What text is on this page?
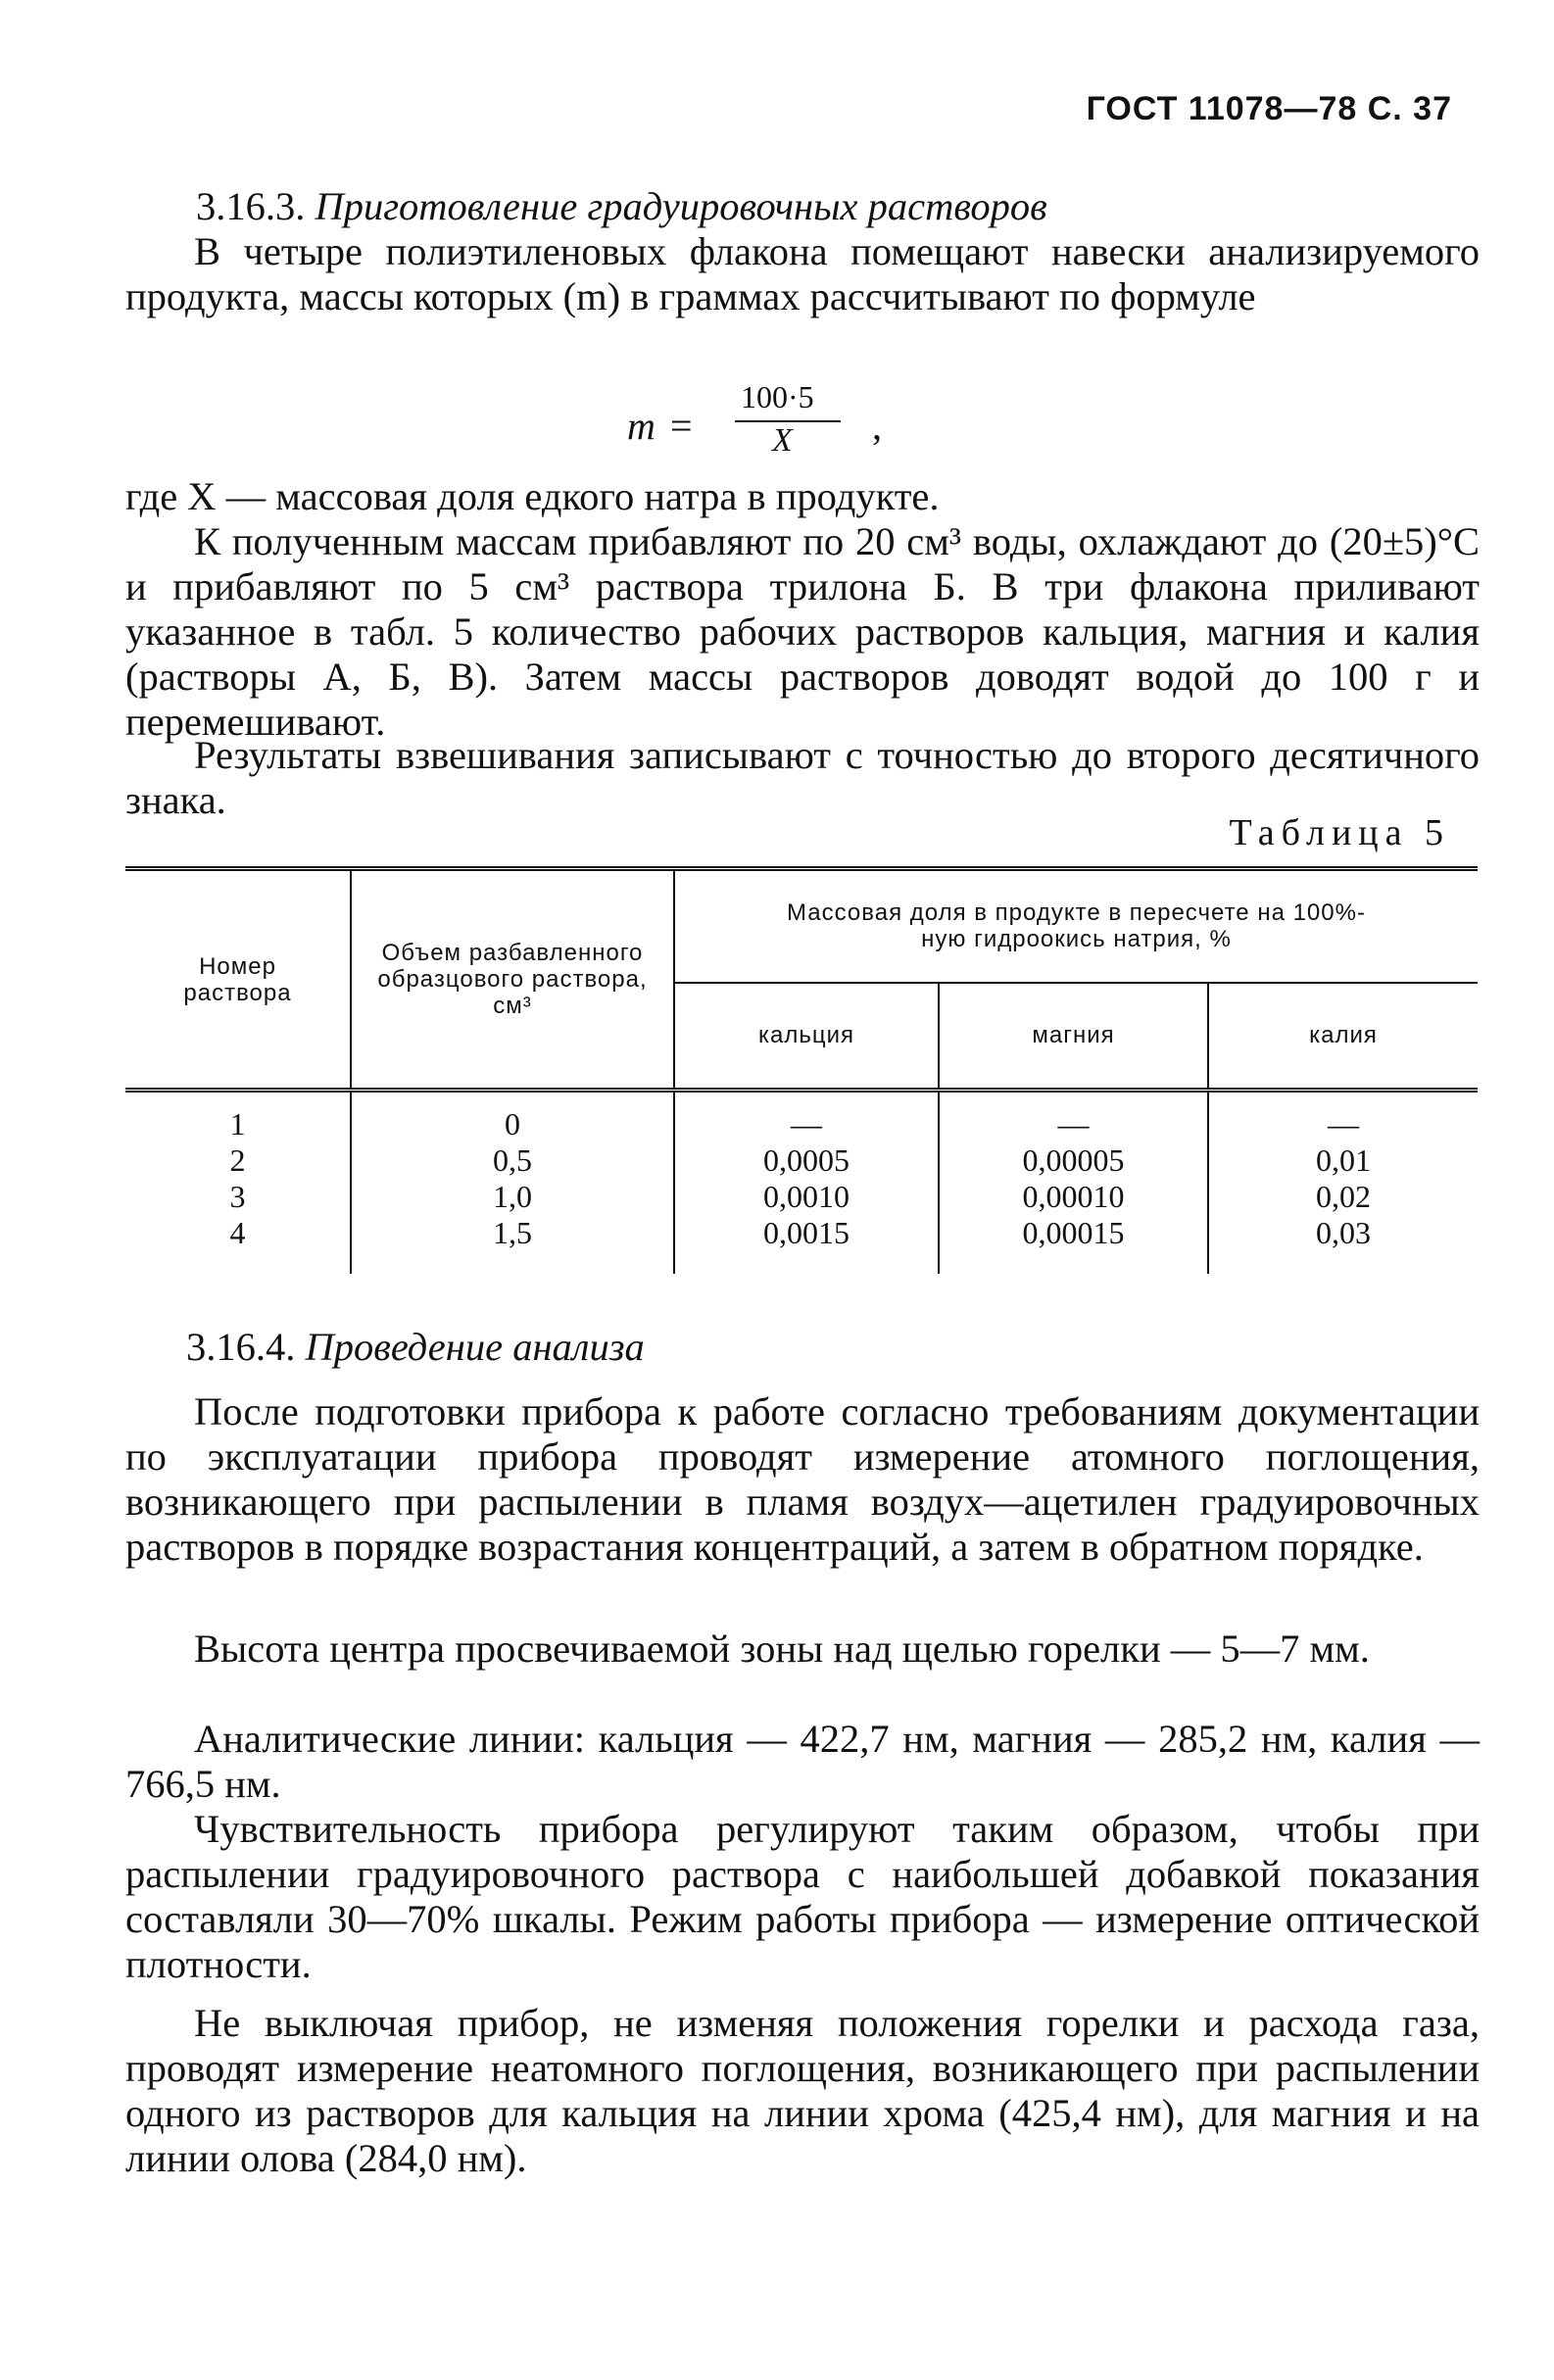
ГОСТ 11078—78 С. 37
3.16.3. Приготовление градуировочных растворов
В четыре полиэтиленовых флакона помещают навески анализируемого продукта, массы которых (m) в граммах рассчитывают по формуле
m =
100·5
X ,
где X — массовая доля едкого натра в продукте.
К полученным массам прибавляют по 20 см³ воды, охлаждают до (20±5)°С и прибавляют по 5 см³ раствора трилона Б. В три флакона приливают указанное в табл. 5 количество рабочих растворов кальция, магния и калия (растворы А, Б, В). Затем массы растворов доводят водой до 100 г и перемешивают.
Результаты взвешивания записывают с точностью до второго десятичного знака.
Таблица 5
Номер раствора	Объем разбавленного образцового раствора, см³	Массовая доля в продукте в пересчете на 100%-ную гидроокись натрия, %		
		кальция	магния	калия
1	0	—	—	—
2	0,5	0,0005	0,00005	0,01
3	1,0	0,0010	0,00010	0,02
4	1,5	0,0015	0,00015	0,03
3.16.4. Проведение анализа
После подготовки прибора к работе согласно требованиям документации по эксплуатации прибора проводят измерение атомного поглощения, возникающего при распылении в пламя воздух—ацетилен градуировочных растворов в порядке возрастания концентраций, а затем в обратном порядке.
Высота центра просвечиваемой зоны над щелью горелки — 5—7 мм.
Аналитические линии: кальция — 422,7 нм, магния — 285,2 нм, калия — 766,5 нм.
Чувствительность прибора регулируют таким образом, чтобы при распылении градуировочного раствора с наибольшей добавкой показания составляли 30—70% шкалы. Режим работы прибора — измерение оптической плотности.
Не выключая прибор, не изменяя положения горелки и расхода газа, проводят измерение неатомного поглощения, возникающего при распылении одного из растворов для кальция на линии хрома (425,4 нм), для магния и на линии олова (284,0 нм).
